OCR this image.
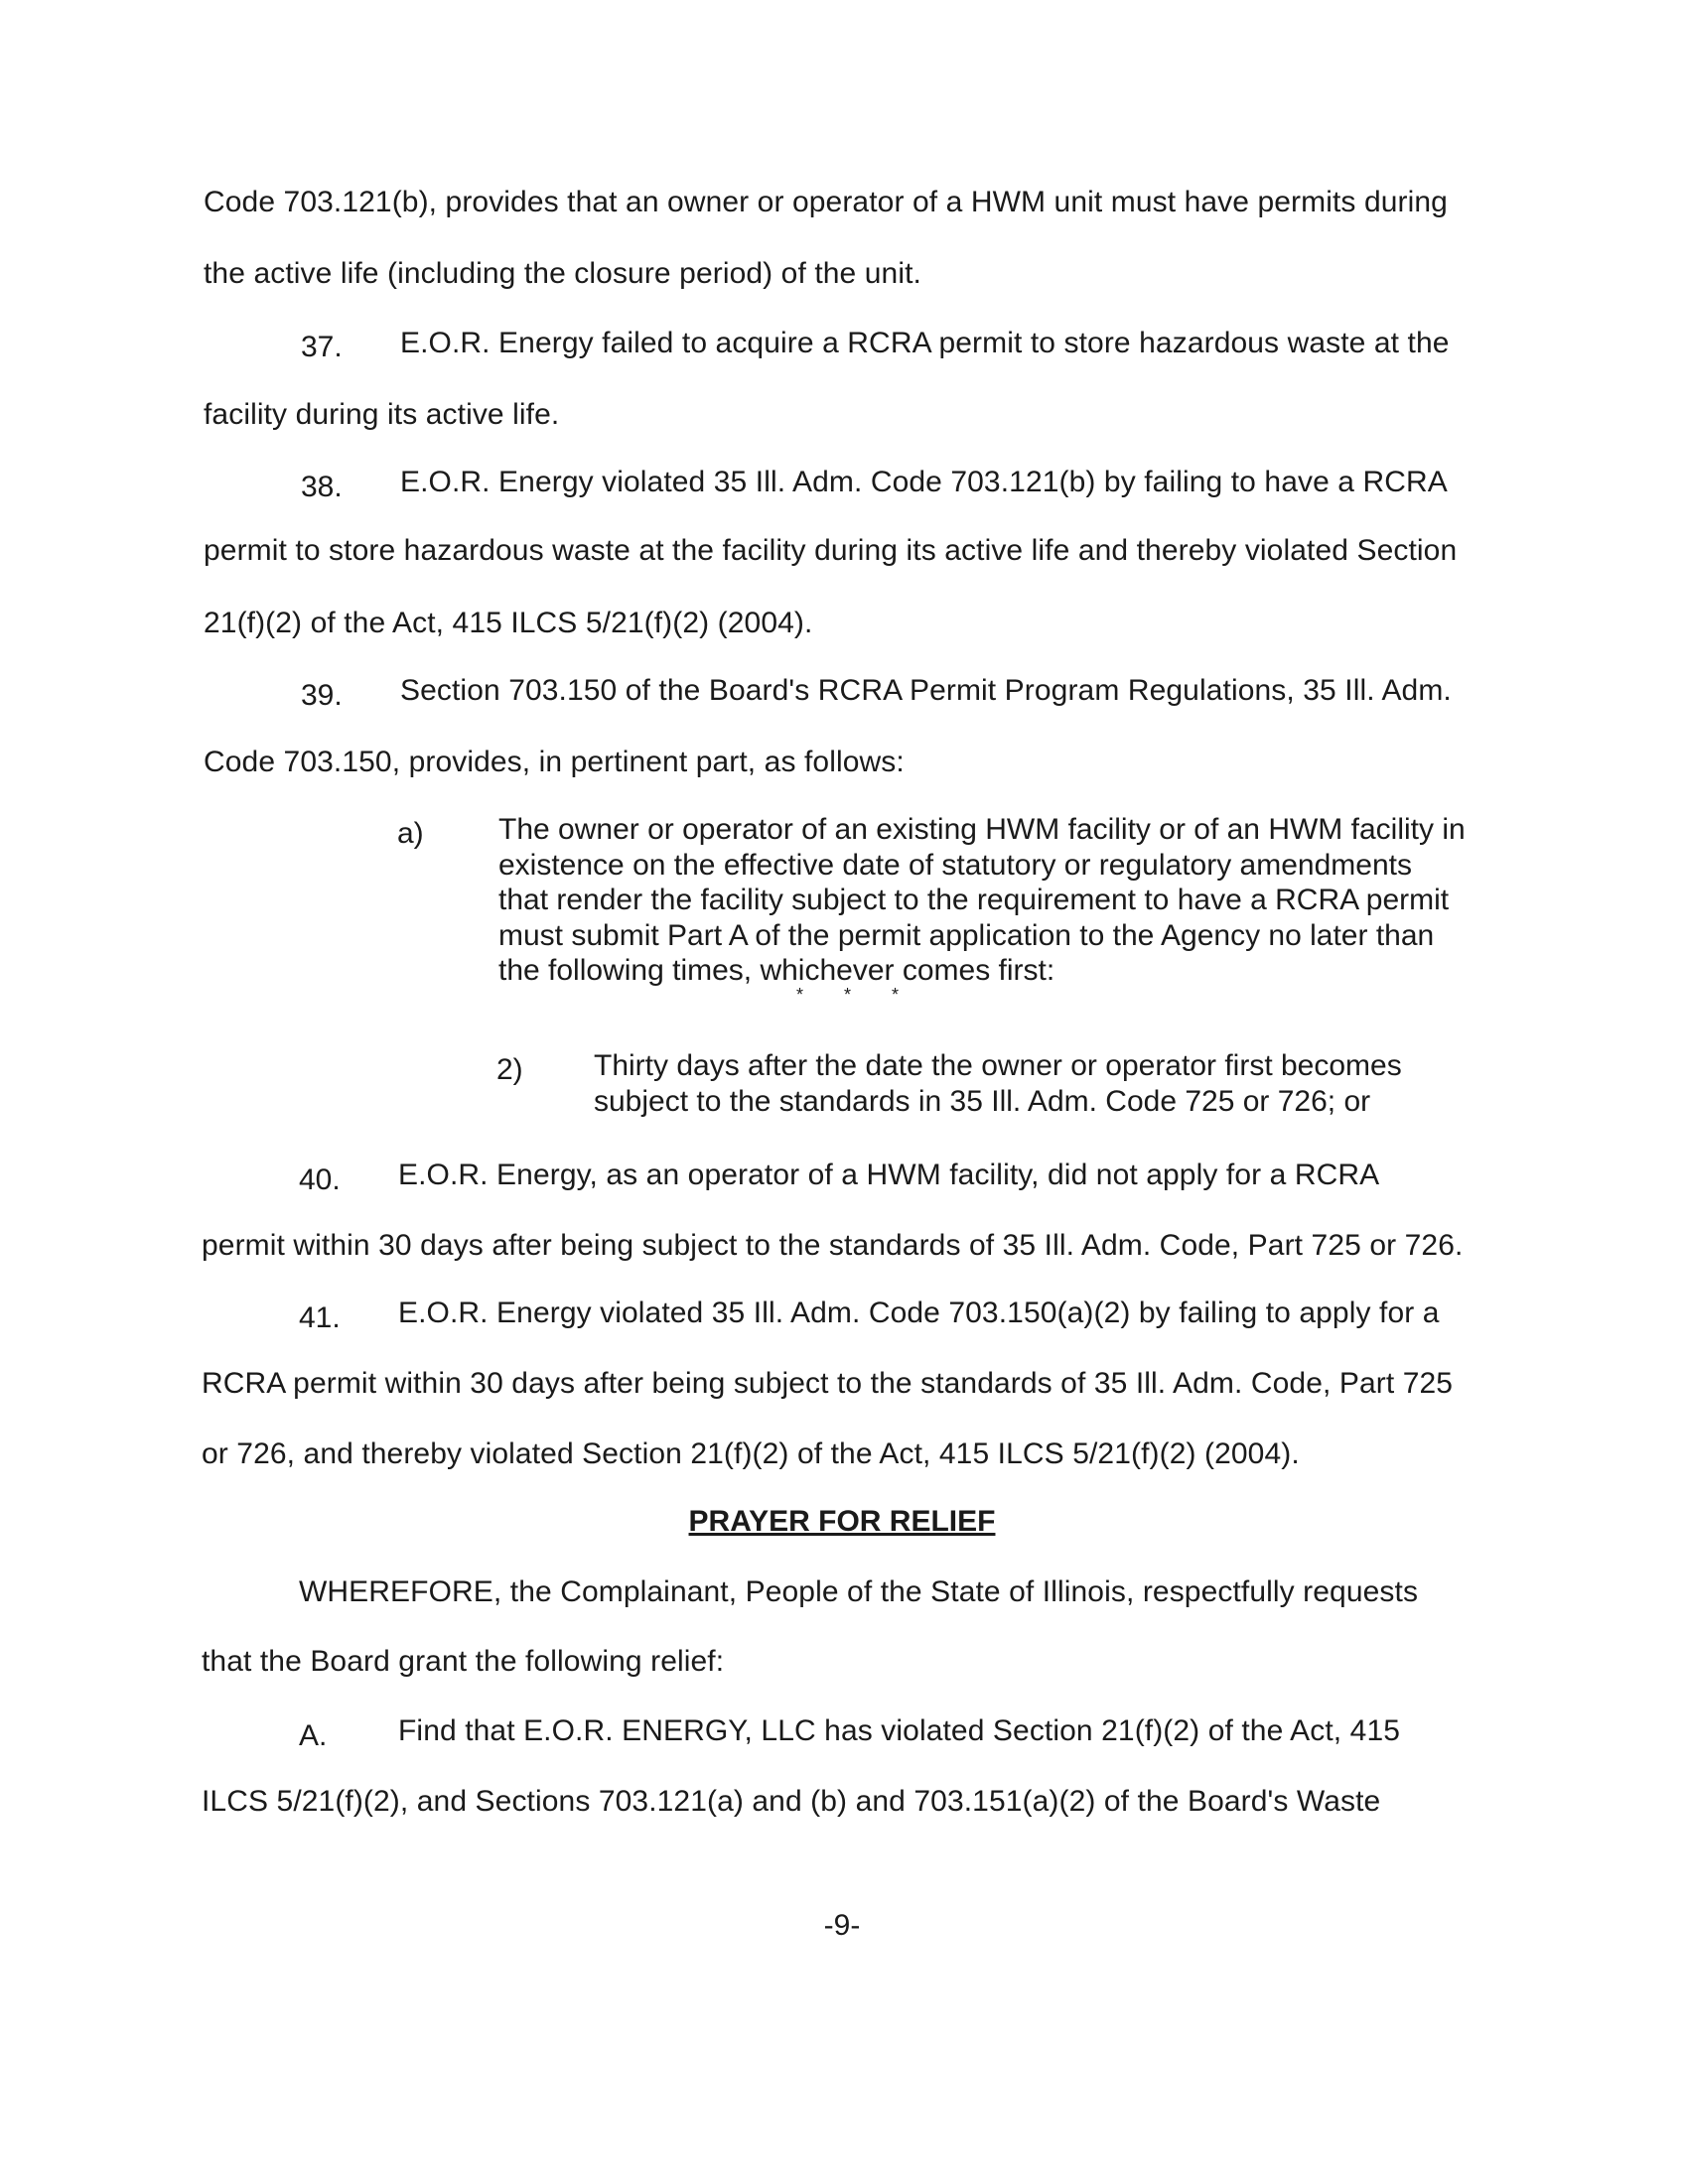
Code 703.121(b), provides that an owner or operator of a HWM unit must have permits during
the active life (including the closure period) of the unit.
37. E.O.R. Energy failed to acquire a RCRA permit to store hazardous waste at the
facility during its active life.
38. E.O.R. Energy violated 35 Ill. Adm. Code 703.121(b) by failing to have a RCRA
permit to store hazardous waste at the facility during its active life and thereby violated Section
21(f)(2) of the Act, 415 ILCS 5/21(f)(2) (2004).
39. Section 703.150 of the Board's RCRA Permit Program Regulations, 35 Ill. Adm.
Code 703.150, provides, in pertinent part, as follows:
a)	The owner or operator of an existing HWM facility or of an HWM facility in
existence on the effective date of statutory or regulatory amendments
that render the facility subject to the requirement to have a RCRA permit
must submit Part A of the permit application to the Agency no later than
the following times, whichever comes first:
* * *
2) Thirty days after the date the owner or operator first becomes
subject to the standards in 35 Ill. Adm. Code 725 or 726; or
40. E.O.R. Energy, as an operator of a HWM facility, did not apply for a RCRA
permit within 30 days after being subject to the standards of 35 Ill. Adm. Code, Part 725 or 726.
41. E.O.R. Energy violated 35 Ill. Adm. Code 703.150(a)(2) by failing to apply for a
RCRA permit within 30 days after being subject to the standards of 35 Ill. Adm. Code, Part 725
or 726, and thereby violated Section 21(f)(2) of the Act, 415 ILCS 5/21(f)(2) (2004).
PRAYER FOR RELIEF
WHEREFORE, the Complainant, People of the State of Illinois, respectfully requests
that the Board grant the following relief:
A. Find that E.O.R. ENERGY, LLC has violated Section 21(f)(2) of the Act, 415
ILCS 5/21(f)(2), and Sections 703.121(a) and (b) and 703.151(a)(2) of the Board's Waste
-9-
